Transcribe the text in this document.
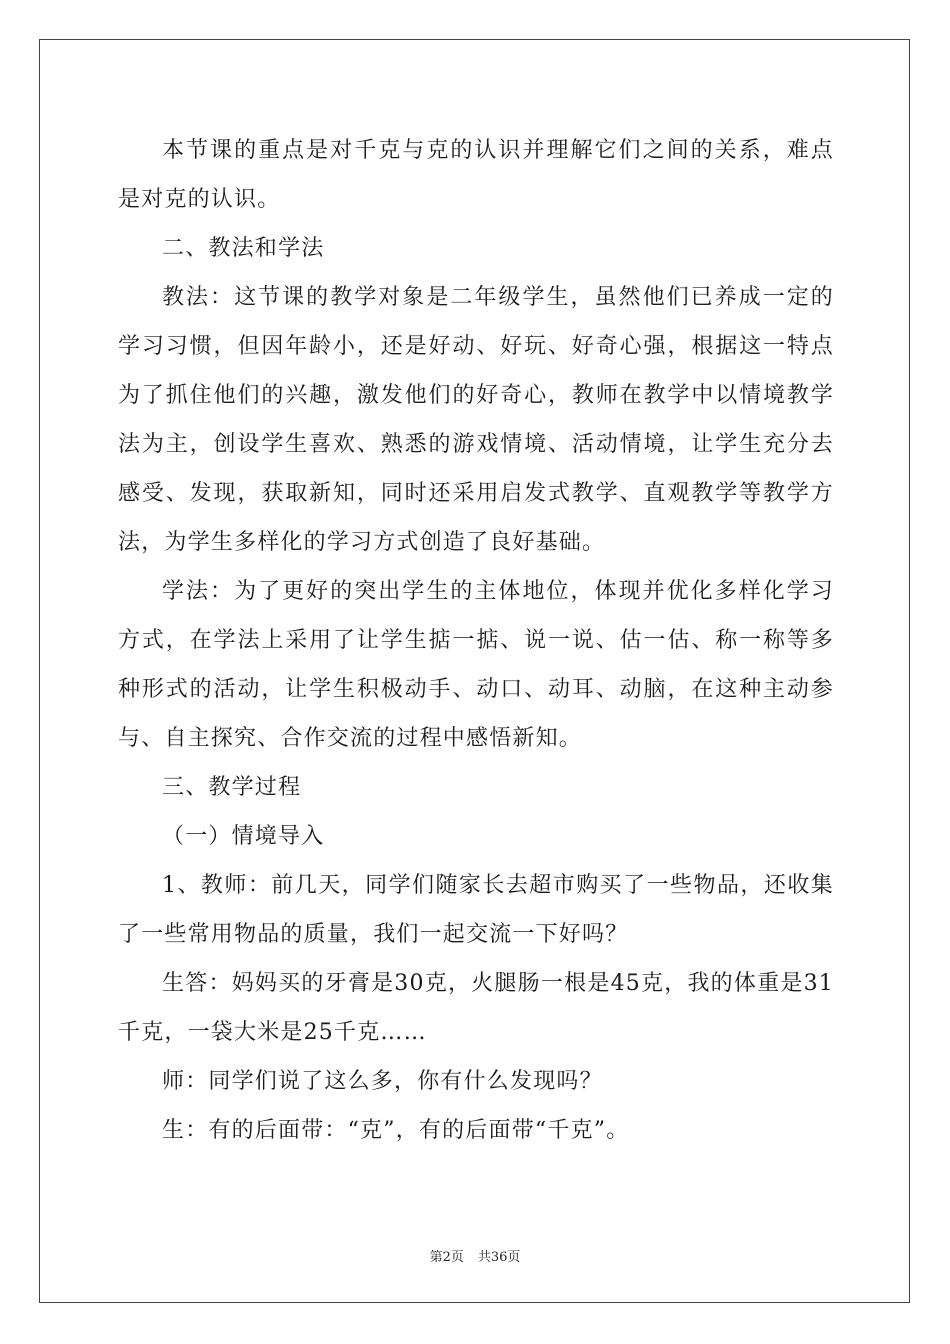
本节课的重点是对千克与克的认识并理解它们之间的关系，难点是对克的认识。

二、教法和学法

教法：这节课的教学对象是二年级学生，虽然他们已养成一定的学习习惯，但因年龄小，还是好动、好玩、好奇心强，根据这一特点为了抓住他们的兴趣，激发他们的好奇心，教师在教学中以情境教学法为主，创设学生喜欢、熟悉的游戏情境、活动情境，让学生充分去感受、发现，获取新知，同时还采用启发式教学、直观教学等教学方法，为学生多样化的学习方式创造了良好基础。

学法：为了更好的突出学生的主体地位，体现并优化多样化学习方式，在学法上采用了让学生掂一掂、说一说、估一估、称一称等多种形式的活动，让学生积极动手、动口、动耳、动脑，在这种主动参与、自主探究、合作交流的过程中感悟新知。

三、教学过程

（一）情境导入

1、教师：前几天，同学们随家长去超市购买了一些物品，还收集了一些常用物品的质量，我们一起交流一下好吗？

生答：妈妈买的牙膏是30克，火腿肠一根是45克，我的体重是31千克，一袋大米是25千克……

师：同学们说了这么多，你有什么发现吗？

生：有的后面带：“克”，有的后面带“千克”。

第2页 共36页
